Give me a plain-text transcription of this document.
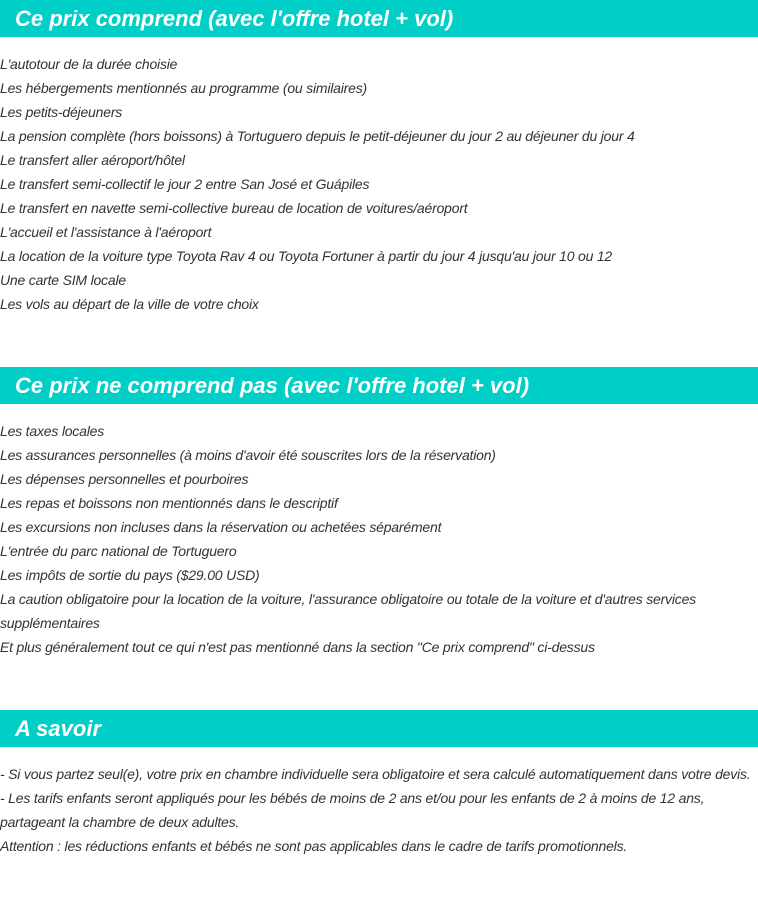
Ce prix comprend (avec l'offre hotel + vol)
L'autotour de la durée choisie
Les hébergements mentionnés au programme (ou similaires)
Les petits-déjeuners
La pension complète (hors boissons) à Tortuguero depuis le petit-déjeuner du jour 2 au déjeuner du jour 4
Le transfert aller aéroport/hôtel
Le transfert semi-collectif le jour 2 entre San José et Guápiles
Le transfert en navette semi-collective bureau de location de voitures/aéroport
L'accueil et l'assistance à l'aéroport
La location de la voiture type Toyota Rav 4 ou Toyota Fortuner à partir du jour 4 jusqu'au jour 10 ou 12
Une carte SIM locale
Les vols au départ de la ville de votre choix
Ce prix ne comprend pas (avec l'offre hotel + vol)
Les taxes locales
Les assurances personnelles (à moins d'avoir été souscrites lors de la réservation)
Les dépenses personnelles et pourboires
Les repas et boissons non mentionnés dans le descriptif
Les excursions non incluses dans la réservation ou achetées séparément
L'entrée du parc national de Tortuguero
Les impôts de sortie du pays ($29.00 USD)
La caution obligatoire pour la location de la voiture, l'assurance obligatoire ou totale de la voiture et d'autres services supplémentaires
Et plus généralement tout ce qui n'est pas mentionné dans la section "Ce prix comprend" ci-dessus
A savoir
- Si vous partez seul(e), votre prix en chambre individuelle sera obligatoire et sera calculé automatiquement dans votre devis.
- Les tarifs enfants seront appliqués pour les bébés de moins de 2 ans et/ou pour les enfants de 2 à moins de 12 ans, partageant la chambre de deux adultes.
Attention : les réductions enfants et bébés ne sont pas applicables dans le cadre de tarifs promotionnels.
